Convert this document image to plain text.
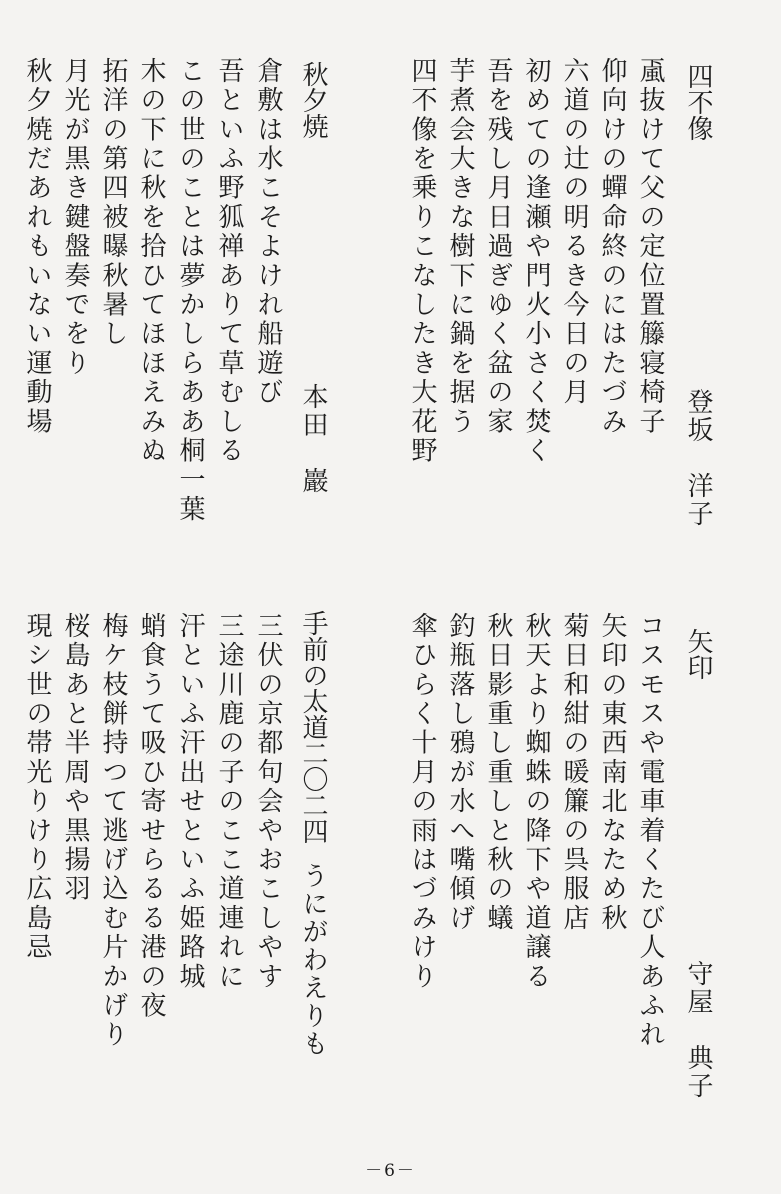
四不像
登坂　洋子
颪抜けて父の定位置籐寝椅子
仰向けの蟬命終のにはたづみ
六道の辻の明るき今日の月
初めての逢瀬や門火小さく焚く
吾を残し月日過ぎゆく盆の家
芋煮会大きな樹下に鍋を据う
四不像を乗りこなしたき大花野
秋夕焼
本田　巖
倉敷は水こそよけれ船遊び
吾といふ野狐禅ありて草むしる
この世のことは夢かしらああ桐一葉
木の下に秋を拾ひてほほえみぬ
拓洋の第四被曝秋暑し
月光が黒き鍵盤奏でをり
秋夕焼だあれもいない運動場
矢印
守屋　典子
コスモスや電車着くたび人あふれ
矢印の東西南北なため秋
菊日和紺の暖簾の呉服店
秋天より蜘蛛の降下や道譲る
秋日影重し重しと秋の蟻
釣瓶落し鴉が水へ嘴傾げ
傘ひらく十月の雨はづみけり
手前の太道二〇二四
うにがわえりも
三伏の京都句会やおこしやす
三途川鹿の子のここ道連れに
汗といふ汗出せといふ姫路城
蛸食うて吸ひ寄せらるる港の夜
梅ケ枝餅持つて逃げ込む片かげり
桜島あと半周や黒揚羽
現シ世の帯光りけり広島忌
－6－
